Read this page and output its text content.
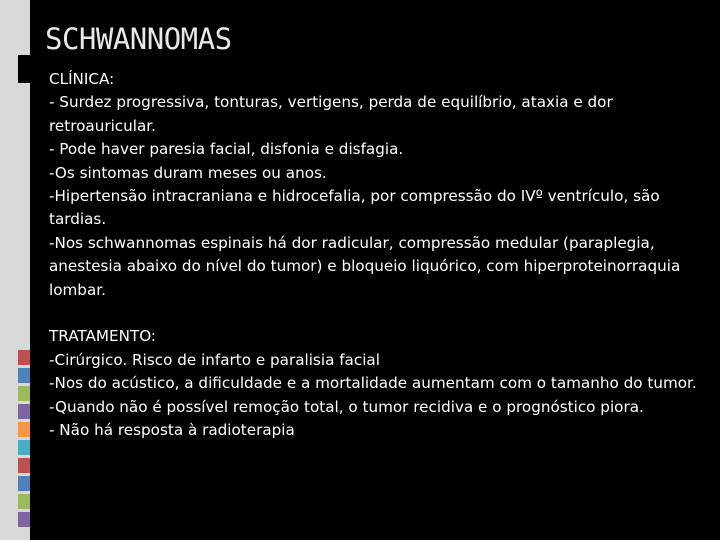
SCHWANNOMAS

CLÍNICA:

- Surdez progressiva, tonturas, vertigens, perda de equilíbrio, ataxia e dor retroauricular.

- Pode haver paresia facial, disfonia e disfagia.

-Os sintomas duram meses ou anos.

-Hipertensão intracraniana e hidrocefalia, por compressão do IVº ventrículo, são tardias.

-Nos schwannomas espinais há dor radicular, compressão medular (paraplegia, anestesia abaixo do nível do tumor) e bloqueio liquórico, com hiperproteinorraquia lombar.

TRATAMENTO:

-Cirúrgico. Risco de infarto e paralisia facial

-Nos do acústico, a dificuldade e a mortalidade aumentam com o tamanho do tumor.

-Quando não é possível remoção total, o tumor recidiva e o prognóstico piora.

- Não há resposta à radioterapia
